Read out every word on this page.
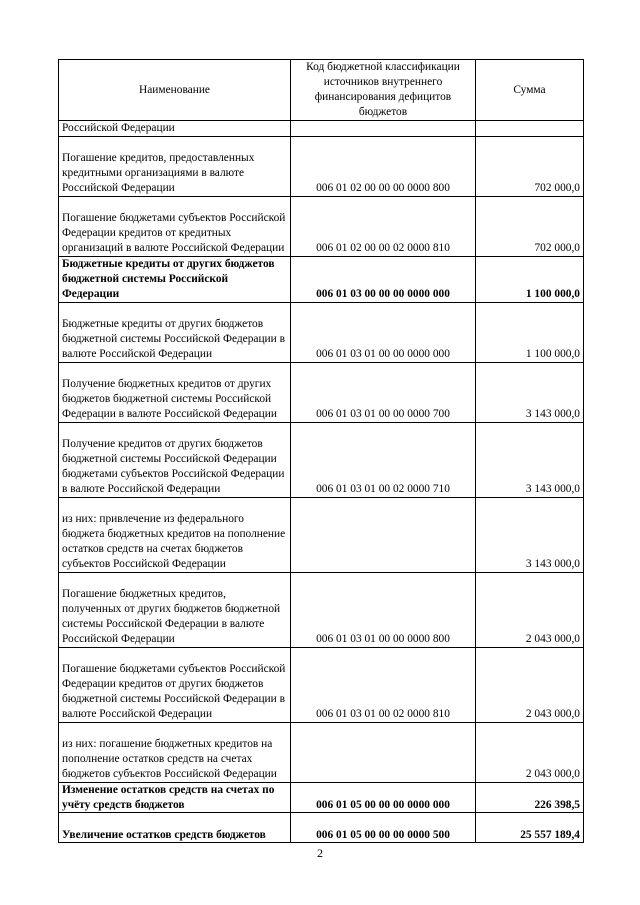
Наименование	Код бюджетной классификации источников внутреннего финансирования дефицитов бюджетов	Сумма
Российской Федерации		
Погашение кредитов, предоставленных кредитными организациями в валюте Российской Федерации	006 01 02 00 00 00 0000 800	702 000,0
Погашение бюджетами субъектов Российской Федерации кредитов от кредитных организаций в валюте Российской Федерации	006 01 02 00 00 02 0000 810	702 000,0
Бюджетные кредиты от других бюджетов бюджетной системы Российской Федерации	006 01 03 00 00 00 0000 000	1 100 000,0
Бюджетные кредиты от других бюджетов бюджетной системы Российской Федерации в валюте Российской Федерации	006 01 03 01 00 00 0000 000	1 100 000,0
Получение бюджетных кредитов от других бюджетов бюджетной системы Российской Федерации в валюте Российской Федерации	006 01 03 01 00 00 0000 700	3 143 000,0
Получение кредитов от других бюджетов бюджетной системы Российской Федерации бюджетами субъектов Российской Федерации в валюте Российской Федерации	006 01 03 01 00 02 0000 710	3 143 000,0
из них: привлечение из федерального бюджета бюджетных кредитов на пополнение остатков средств на счетах бюджетов субъектов Российской Федерации		3 143 000,0
Погашение бюджетных кредитов, полученных от других бюджетов бюджетной системы Российской Федерации в валюте Российской Федерации	006 01 03 01 00 00 0000 800	2 043 000,0
Погашение бюджетами субъектов Российской Федерации кредитов от других бюджетов бюджетной системы Российской Федерации в валюте Российской Федерации	006 01 03 01 00 02 0000 810	2 043 000,0
из них: погашение бюджетных кредитов на пополнение остатков средств на счетах бюджетов субъектов Российской Федерации		2 043 000,0
Изменение остатков средств на счетах по учёту средств бюджетов	006 01 05 00 00 00 0000 000	226 398,5
Увеличение остатков средств бюджетов	006 01 05 00 00 00 0000 500	25 557 189,4
2
